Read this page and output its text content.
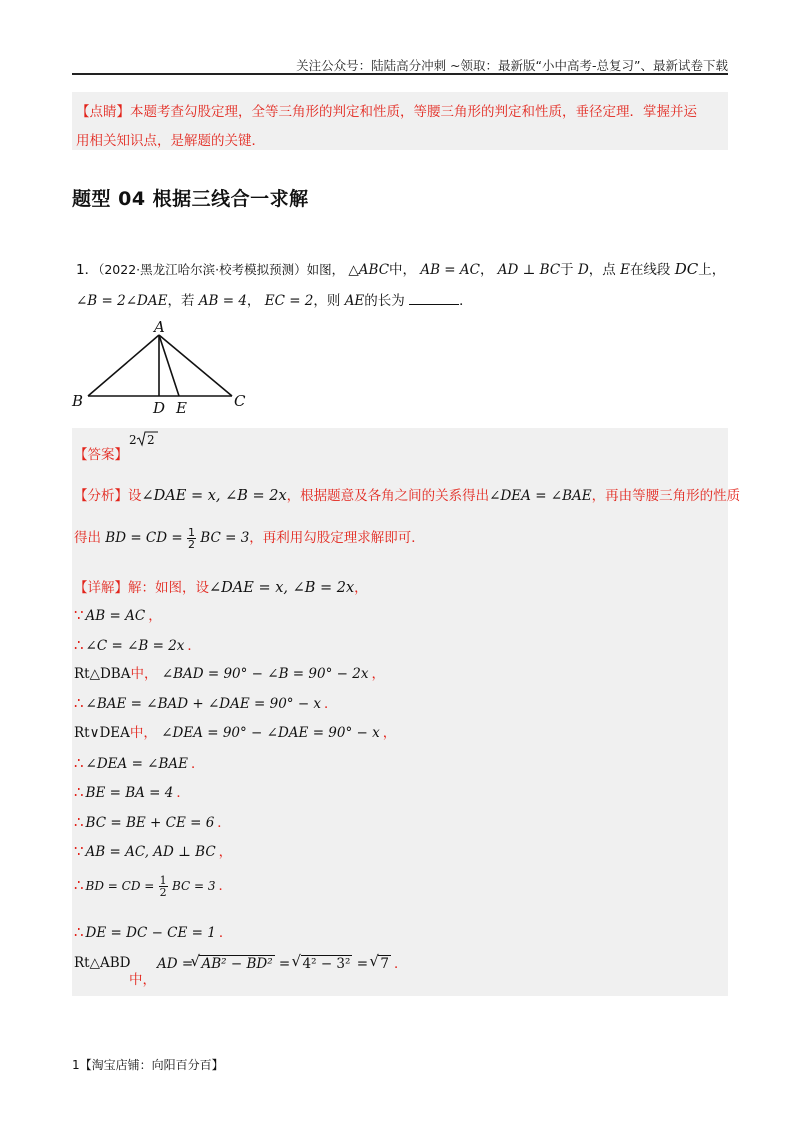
关注公众号：陆陆高分冲刺 ~领取：最新版“小中高考-总复习”、最新试卷下载
【点睛】本题考查勾股定理，全等三角形的判定和性质，等腰三角形的判定和性质，垂径定理．掌握并运
用相关知识点，是解题的关键．
题型 04 根据三线合一求解
1．（2022·黑龙江哈尔滨·校考模拟预测）如图， △ABC中， AB = AC， AD ⊥ BC于 D，点 E在线段 DC上，
∠B = 2∠DAE，若 AB = 4， EC = 2，则 AE的长为	．
A
B	C
D E
【答案】
2 2
【分析】设∠DAE = x, ∠B = 2x，根据题意及各角之间的关系得出∠DEA = ∠BAE，再由等腰三角形的性质
得出 BD = CD = $\frac{1}{2}$ BC = 3，再利用勾股定理求解即可．
【详解】解：如图，设∠DAE = x, ∠B = 2x，
∵ AB = AC ，
∴ ∠C = ∠B = 2x ．
Rt△DBA中， ∠BAD = 90° − ∠B = 90° − 2x ，
∴ ∠BAE = ∠BAD + ∠DAE = 90° − x ．
Rt∨DEA中， ∠DEA = 90° − ∠DAE = 90° − x ，
∴ ∠DEA = ∠BAE ．
∴ BE = BA = 4 ．
∴ BC = BE + CE = 6 ．
∵ AB = AC, AD ⊥ BC ，
∴ BD = CD = $\frac{1}{2}$ BC = 3 ．
∴ DE = DC − CE = 1 ．
Rt△ABD
中，
AD =
√ AB² − BD² = √ 4² − 3² = √ 7 ．
1【淘宝店铺：向阳百分百】
